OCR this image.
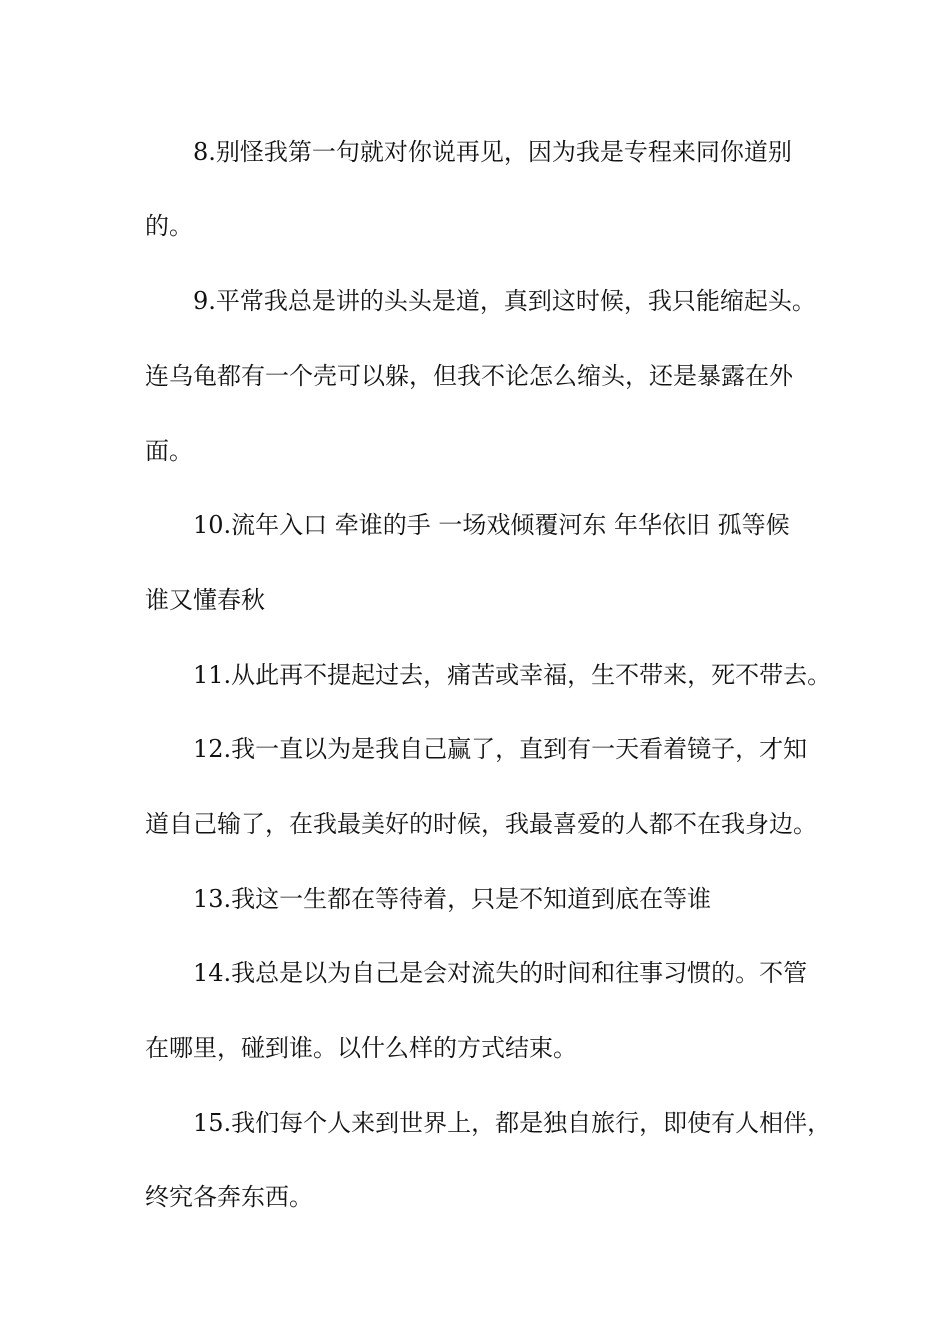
8.别怪我第一句就对你说再见，因为我是专程来同你道别
的。
9.平常我总是讲的头头是道，真到这时候，我只能缩起头。
连乌龟都有一个壳可以躲，但我不论怎么缩头，还是暴露在外
面。
10.流年入口 牵谁的手 一场戏倾覆河东 年华依旧 孤等候
谁又懂春秋
11.从此再不提起过去，痛苦或幸福，生不带来，死不带去。
12.我一直以为是我自己赢了，直到有一天看着镜子，才知
道自己输了，在我最美好的时候，我最喜爱的人都不在我身边。
13.我这一生都在等待着，只是不知道到底在等谁
14.我总是以为自己是会对流失的时间和往事习惯的。不管
在哪里，碰到谁。以什么样的方式结束。
15.我们每个人来到世界上，都是独自旅行，即使有人相伴，
终究各奔东西。
